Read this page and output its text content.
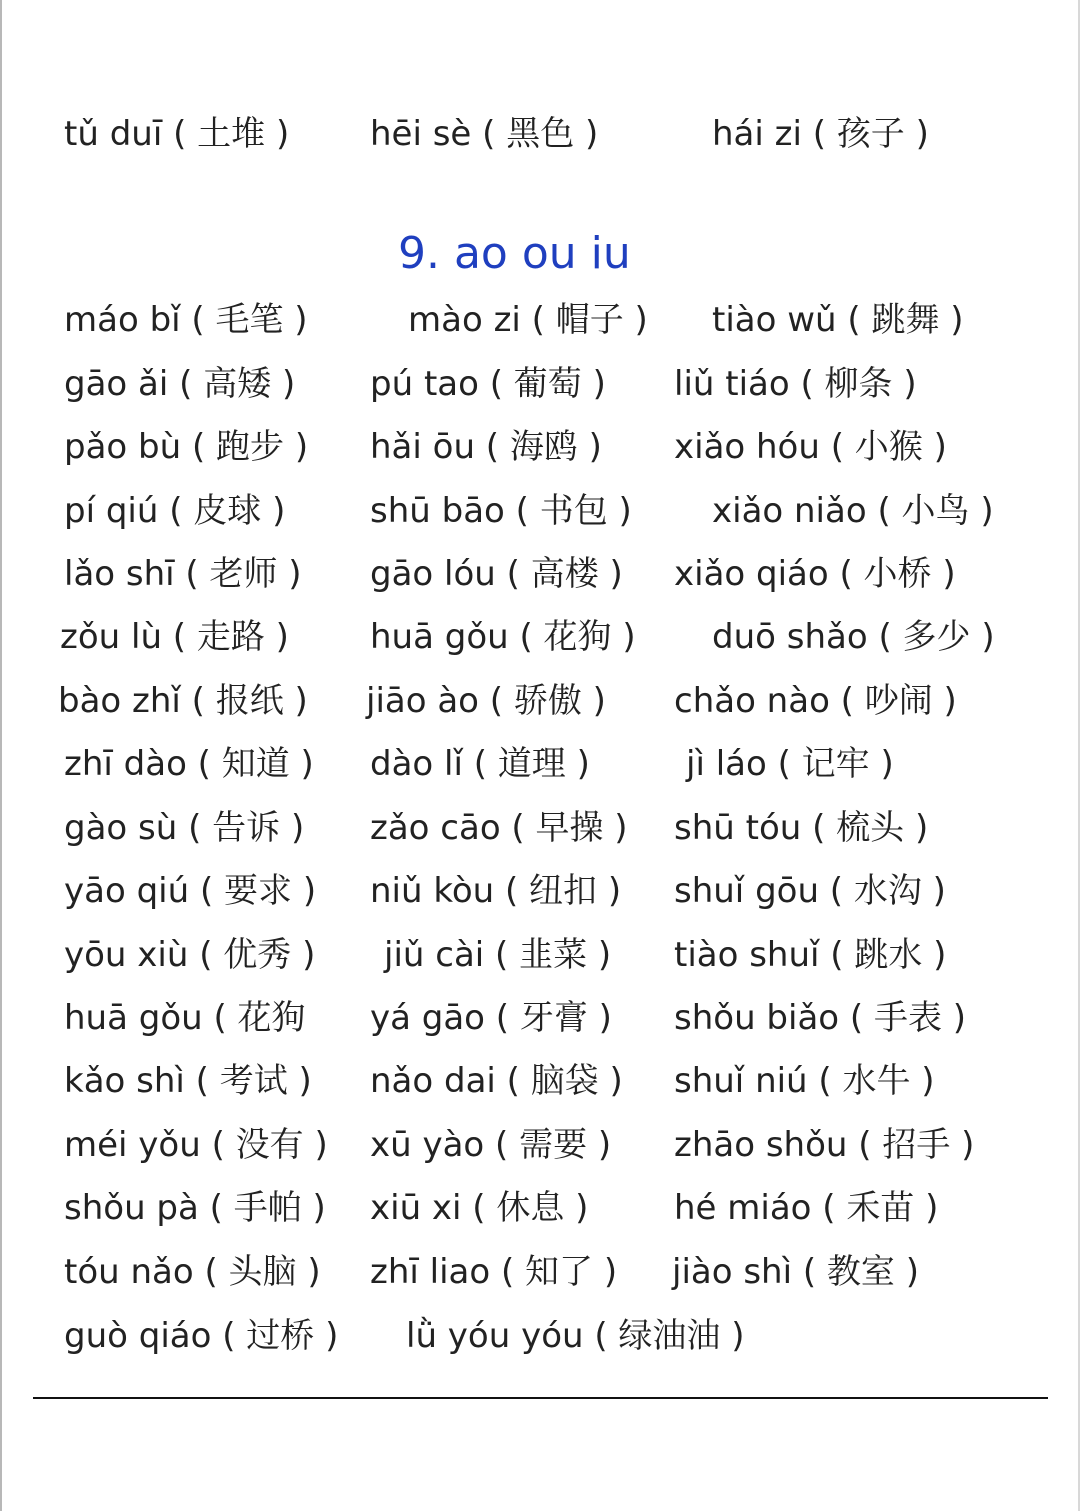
tǔ duī ( 土堆 ) hēi sè ( 黑色 )	hái zi ( 孩子 )
9. ao ou iu
máo bǐ ( 毛笔 )	mào zi ( 帽子 ) tiào wǔ ( 跳舞 )
gāo ǎi ( 高矮 ) pú tao ( 葡萄 ) liǔ tiáo ( 柳条 )
pǎo bù ( 跑步 ) hǎi ōu ( 海鸥 ) xiǎo hóu ( 小猴 )
pí qiú ( 皮球 ) shū bāo ( 书包 ) xiǎo niǎo ( 小鸟 )
lǎo shī ( 老师 ) gāo lóu ( 高楼 ) xiǎo qiáo ( 小桥 )
zǒu lù ( 走路 ) huā gǒu ( 花狗 ) duō shǎo ( 多少 )
bào zhǐ ( 报纸 ) jiāo ào ( 骄傲 ) chǎo nào ( 吵闹 )
zhī dào ( 知道 ) dào lǐ ( 道理 )	jì láo ( 记牢 )
gào sù ( 告诉 ) zǎo cāo ( 早操 ) shū tóu ( 梳头 )
yāo qiú ( 要求 ) niǔ kòu ( 纽扣 ) shuǐ gōu ( 水沟 )
yōu xiù ( 优秀 ) jiǔ cài ( 韭菜 ) tiào shuǐ ( 跳水 )
huā gǒu ( 花狗 yá gāo ( 牙膏 ) shǒu biǎo ( 手表 )
kǎo shì ( 考试 ) nǎo dai ( 脑袋 ) shuǐ niú ( 水牛 )
méi yǒu ( 没有 ) xū yào ( 需要 ) zhāo shǒu ( 招手 )
shǒu pà ( 手帕 ) xiū xi ( 休息 )	hé miáo ( 禾苗 )
tóu nǎo ( 头脑 ) zhī liao ( 知了 ) jiào shì ( 教室 )
guò qiáo ( 过桥 ) lǜ yóu yóu ( 绿油油 )
